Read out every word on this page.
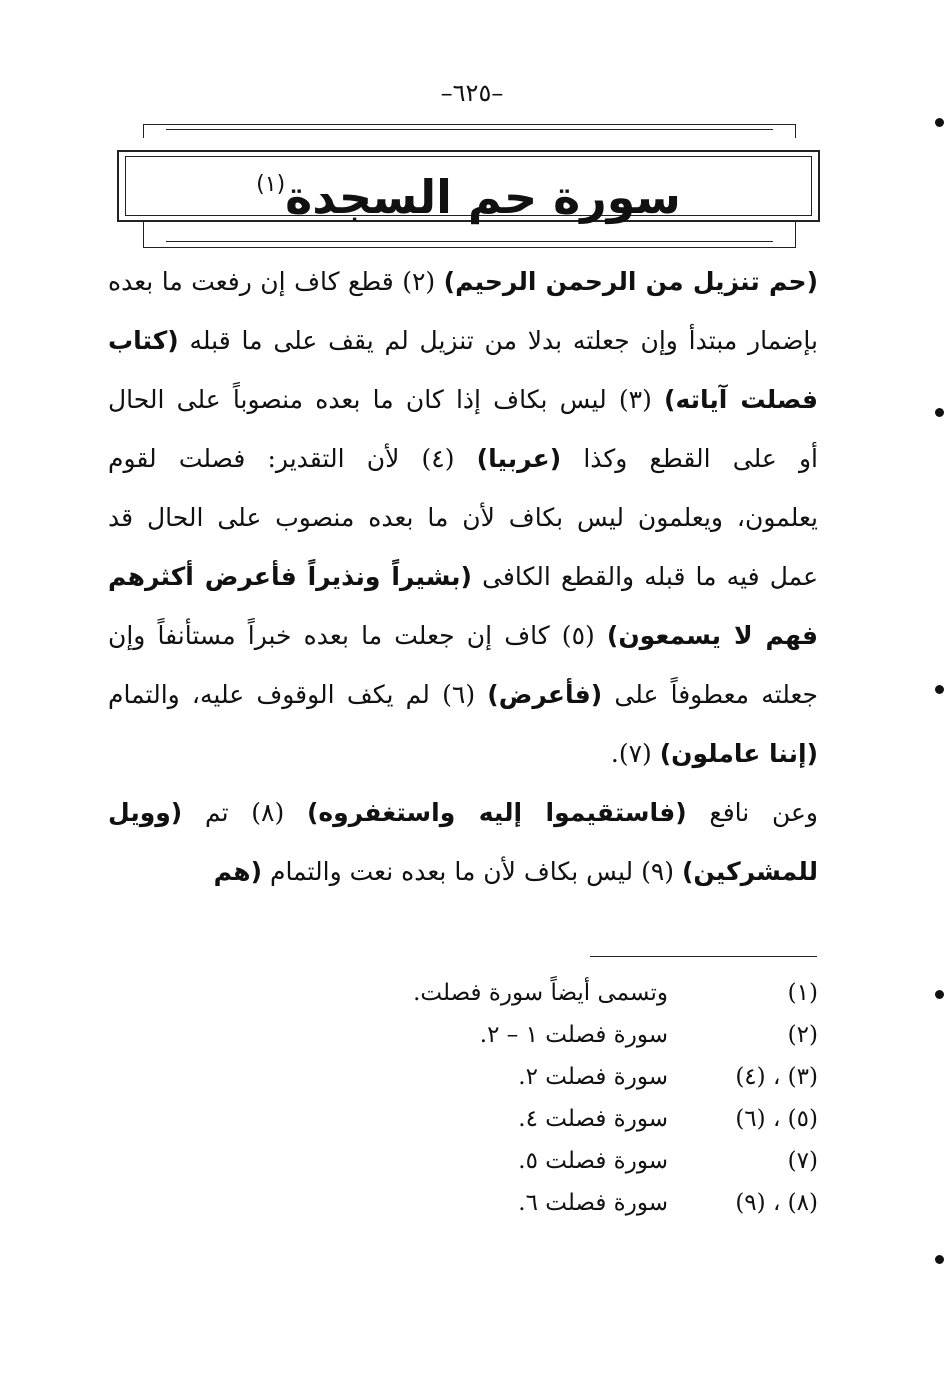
–٦٢٥–
سورة حم السجدة$^{(١)}$
(حم تنزيل من الرحمن الرحيم) (٢) قطع كاف إن رفعت ما بعده
بإضمار مبتدأ وإن جعلته بدلا من تنزيل لم يقف على ما قبله (كتاب
فصلت آياته) (٣) ليس بكاف إذا كان ما بعده منصوباً على الحال
أو على القطع وكذا (عربيا) (٤) لأن التقدير: فصلت لقوم
يعلمون، ويعلمون ليس بكاف لأن ما بعده منصوب على الحال قد
عمل فيه ما قبله والقطع الكافى (بشيراً ونذيراً فأعرض أكثرهم
فهم لا يسمعون) (٥) كاف إن جعلت ما بعده خبراً مستأنفاً وإن
جعلته معطوفاً على (فأعرض) (٦) لم يكف الوقوف عليه، والتمام
(إننا عاملون) (٧).
وعن نافع (فاستقيموا إليه واستغفروه) (٨) تم (وويل
للمشركين) (٩) ليس بكاف لأن ما بعده نعت والتمام (هم
(١)
وتسمى أيضاً سورة فصلت.
(٢)
سورة فصلت ١ – ٢.
(٣) ، (٤)
سورة فصلت ٢.
(٥) ، (٦)
سورة فصلت ٤.
(٧)
سورة فصلت ٥.
(٨) ، (٩)
سورة فصلت ٦.
